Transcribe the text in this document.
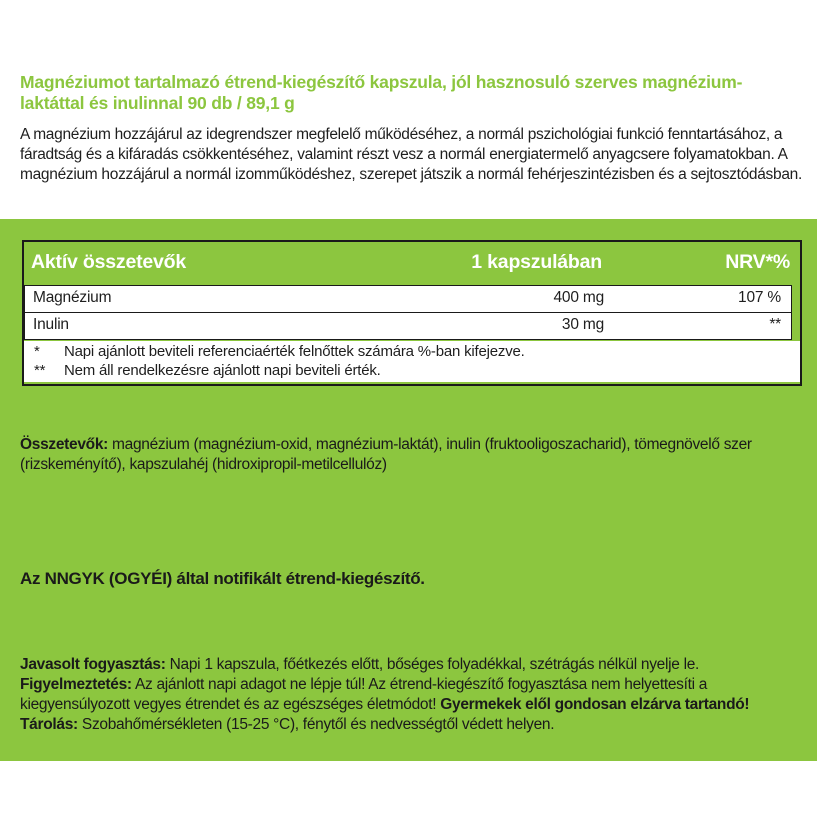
Magnéziumot tartalmazó étrend-kiegészítő kapszula, jól hasznosuló szerves magnézium-laktáttal és inulinnal 90 db / 89,1 g
A magnézium hozzájárul az idegrendszer megfelelő működéséhez, a normál pszichológiai funkció fenntartásához, a fáradtság és a kifáradás csökkentéséhez, valamint részt vesz a normál energiatermelő anyagcsere folyamatokban. A magnézium hozzájárul a normál izomműködéshez, szerepet játszik a normál fehérjeszintézisben és a sejtosztódásban.
Aktív összetevők	1 kapszulában	NRV*%
Magnézium	400 mg	107 %
Inulin	30 mg	**
* Napi ajánlott beviteli referenciaérték felnőttek számára %-ban kifejezve.
** Nem áll rendelkezésre ajánlott napi beviteli érték.
Összetevők: magnézium (magnézium-oxid, magnézium-laktát), inulin (fruktooligoszacharid), tömegnövelő szer (rizskeményítő), kapszulahéj (hidroxipropil-metilcellulóz)
Az NNGYK (OGYÉI) által notifikált étrend-kiegészítő.
Javasolt fogyasztás: Napi 1 kapszula, főétkezés előtt, bőséges folyadékkal, szétrágás nélkül nyelje le.
Figyelmeztetés: Az ajánlott napi adagot ne lépje túl! Az étrend-kiegészítő fogyasztása nem helyettesíti a kiegyensúlyozott vegyes étrendet és az egészséges életmódot! Gyermekek elől gondosan elzárva tartandó!
Tárolás: Szobahőmérsékleten (15-25 °C), fénytől és nedvességtől védett helyen.
